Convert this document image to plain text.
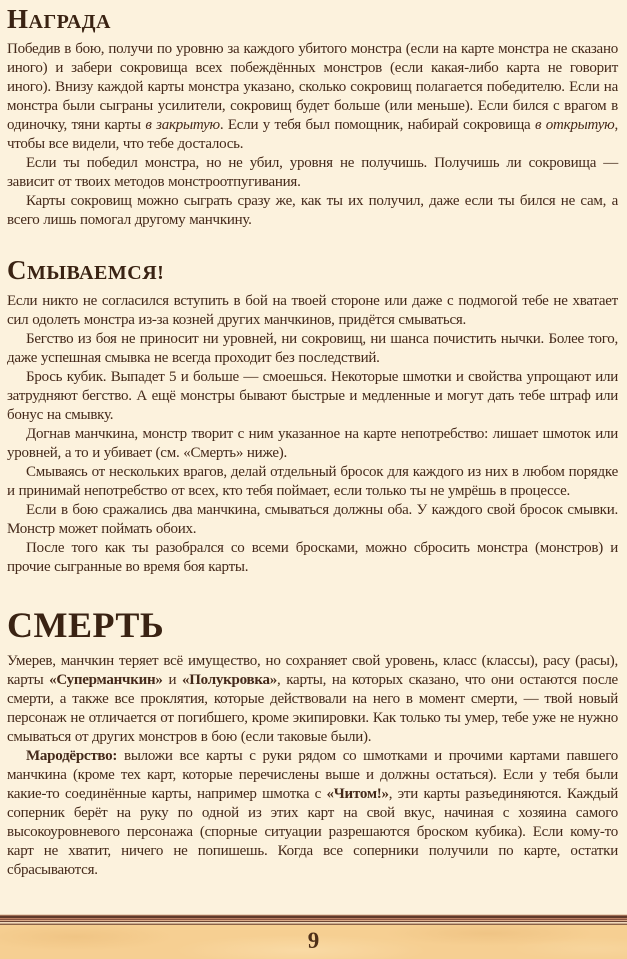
НАГРАДА

Победив в бою, получи по уровню за каждого убитого монстра (если на карте монстра не сказано иного) и забери сокровища всех побеждённых монстров (если какая-либо карта не говорит иного). Внизу каждой карты монстра указано, сколько сокровищ полагается победителю. Если на монстра были сыграны усилители, сокровищ будет больше (или меньше). Если бился с врагом в одиночку, тяни карты в закрытую. Если у тебя был помощник, набирай сокровища в открытую, чтобы все видели, что тебе досталось.

Если ты победил монстра, но не убил, уровня не получишь. Получишь ли сокровища — зависит от твоих методов монстроотпугивания.

Карты сокровищ можно сыграть сразу же, как ты их получил, даже если ты бился не сам, а всего лишь помогал другому манчкину.

СМЫВАЕМСЯ!

Если никто не согласился вступить в бой на твоей стороне или даже с подмогой тебе не хватает сил одолеть монстра из-за козней других манчкинов, придётся смываться.

Бегство из боя не приносит ни уровней, ни сокровищ, ни шанса почистить нычки. Более того, даже успешная смывка не всегда проходит без последствий.

Брось кубик. Выпадет 5 и больше — смоешься. Некоторые шмотки и свойства упрощают или затрудняют бегство. А ещё монстры бывают быстрые и медленные и могут дать тебе штраф или бонус на смывку.

Догнав манчкина, монстр творит с ним указанное на карте непотребство: лишает шмоток или уровней, а то и убивает (см. «Смерть» ниже).

Смываясь от нескольких врагов, делай отдельный бросок для каждого из них в любом порядке и принимай непотребство от всех, кто тебя поймает, если только ты не умрёшь в процессе.

Если в бою сражались два манчкина, смываться должны оба. У каждого свой бросок смывки. Монстр может поймать обоих.

После того как ты разобрался со всеми бросками, можно сбросить монстра (монстров) и прочие сыгранные во время боя карты.

СМЕРТЬ

Умерев, манчкин теряет всё имущество, но сохраняет свой уровень, класс (классы), расу (расы), карты «Суперманчкин» и «Полукровка», карты, на которых сказано, что они остаются после смерти, а также все проклятия, которые действовали на него в момент смерти, — твой новый персонаж не отличается от погибшего, кроме экипировки. Как только ты умер, тебе уже не нужно смываться от других монстров в бою (если таковые были).

Мародёрство: выложи все карты с руки рядом со шмотками и прочими картами павшего манчкина (кроме тех карт, которые перечислены выше и должны остаться). Если у тебя были какие-то соединённые карты, например шмотка с «Читом!», эти карты разъединяются. Каждый соперник берёт на руку по одной из этих карт на свой вкус, начиная с хозяина самого высокоуровневого персонажа (спорные ситуации разрешаются броском кубика). Если кому-то карт не хватит, ничего не попишешь. Когда все соперники получили по карте, остатки сбрасываются.

9
